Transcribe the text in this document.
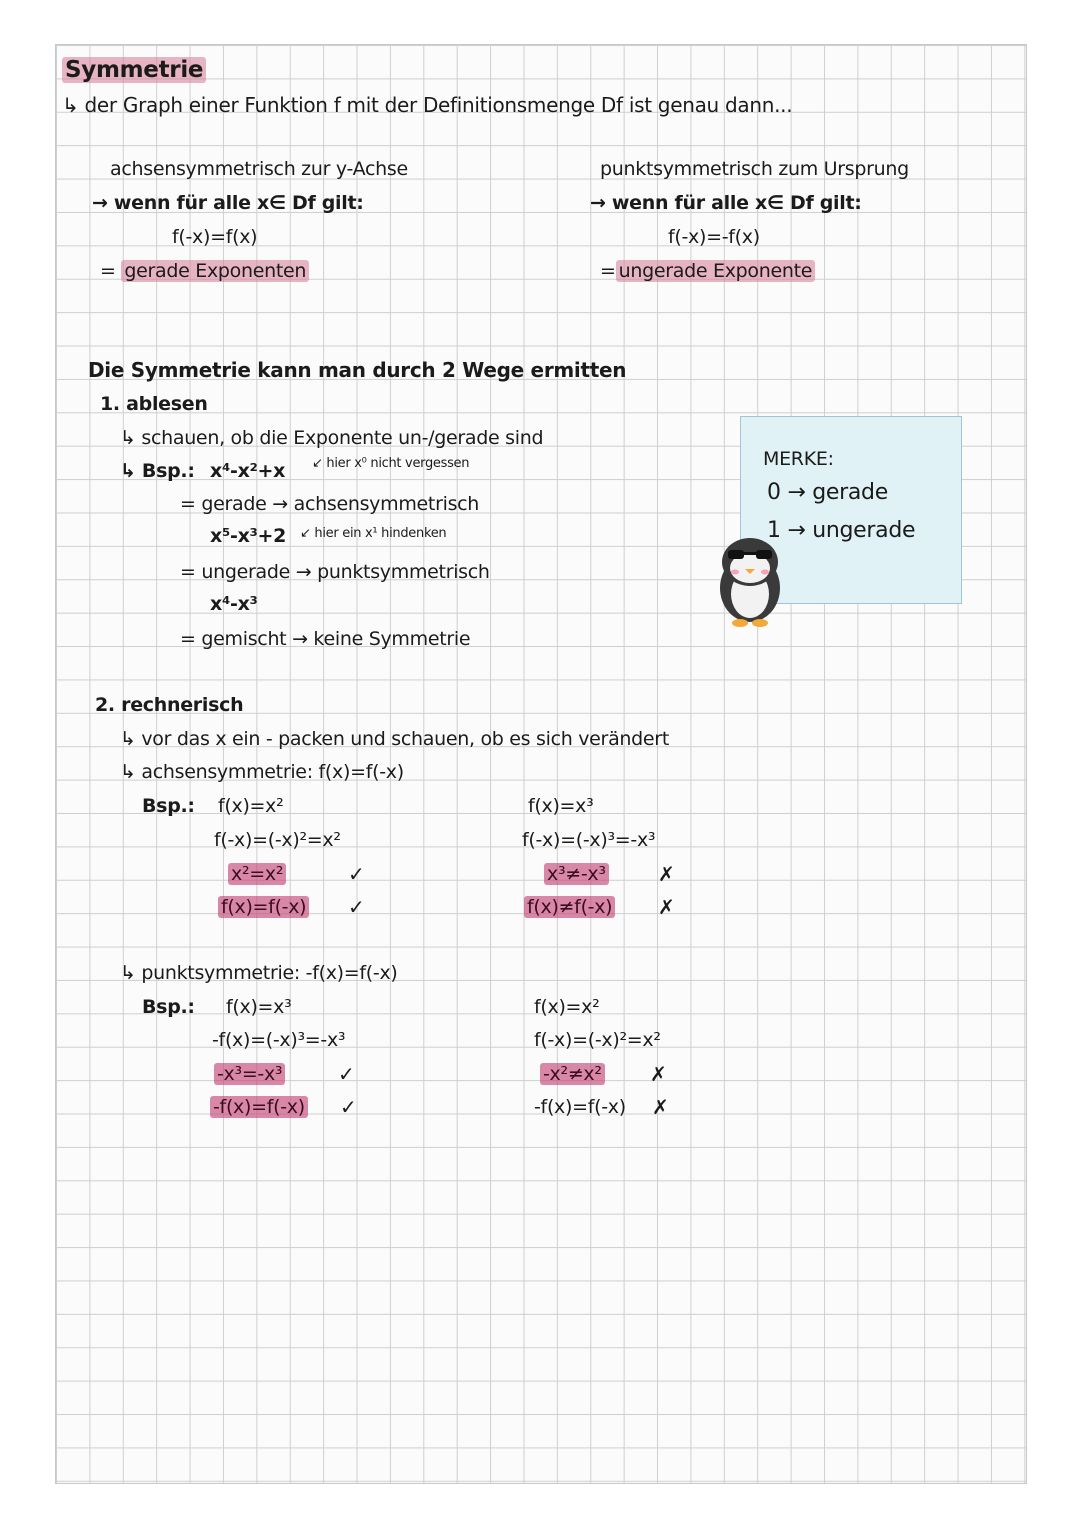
Symmetrie
↳ der Graph einer Funktion f mit der Definitionsmenge Df ist genau dann...
achsensymmetrisch zur y-Achse
→ wenn für alle x∈ Df gilt:
f(-x)=f(x)
= gerade Exponenten
punktsymmetrisch zum Ursprung
→ wenn für alle x∈ Df gilt:
f(-x)=-f(x)
= ungerade Exponente
Die Symmetrie kann man durch 2 Wege ermitten
1. ablesen
↳ schauen, ob die Exponente un-/gerade sind
↳ Bsp.: x⁴-x²+x ↙ hier x⁰ nicht vergessen
= gerade → achsensymmetrisch
x⁵-x³+2 ↙ hier ein x¹ hindenken
= ungerade → punktsymmetrisch
x⁴-x³
= gemischt → keine Symmetrie
MERKE:
0 → gerade
1 → ungerade
2. rechnerisch
↳ vor das x ein - packen und schauen, ob es sich verändert
↳ achsensymmetrie: f(x)=f(-x)
Bsp.: f(x)=x²
f(-x)=(-x)²=x²
x²=x²	✓
f(x)=f(-x) ✓
f(x)=x³
f(-x)=(-x)³=-x³
x³≠-x³	✗
f(x)≠f(-x) ✗
↳ punktsymmetrie: -f(x)=f(-x)
Bsp.: f(x)=x³
-f(x)=(-x)³=-x³
-x³=-x³	✓
-f(x)=f(-x) ✓
f(x)=x²
f(-x)=(-x)²=x²
-x²≠x² ✗
-f(x)=f(-x) ✗
